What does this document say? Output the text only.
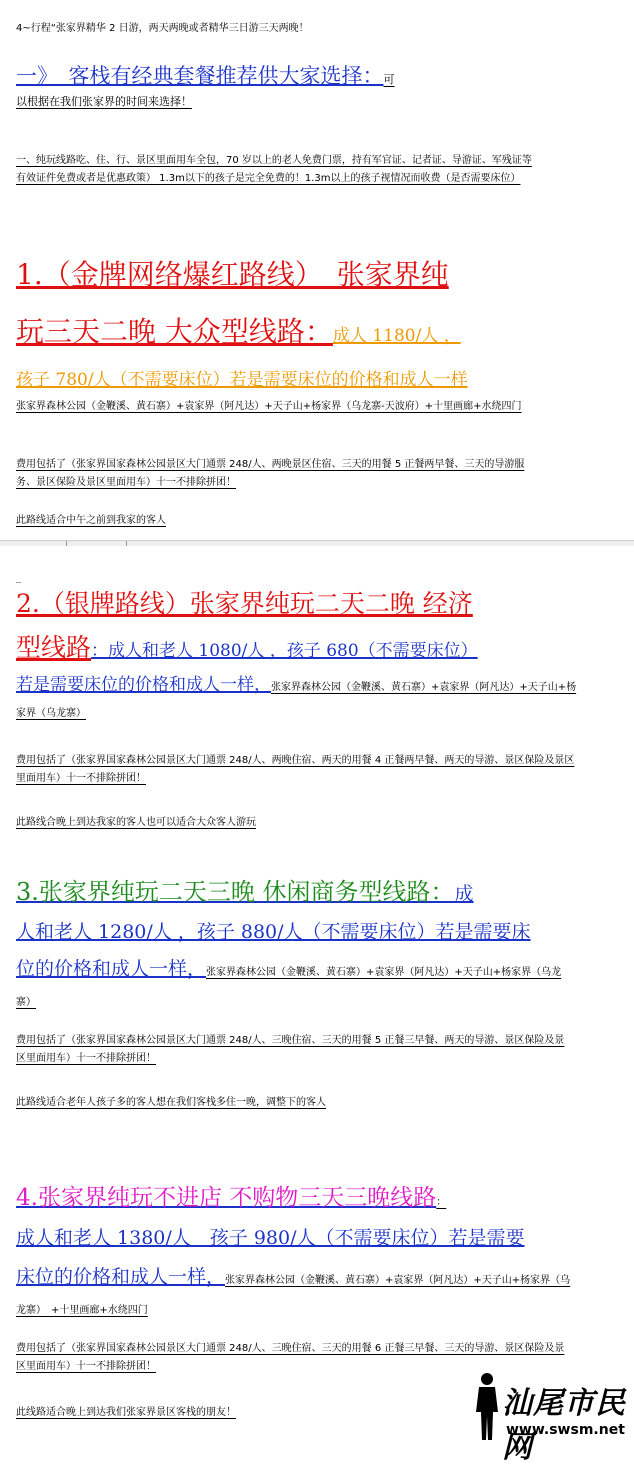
4~行程“张家界精华 2 日游，两天两晚或者精华三日游三天两晚！
一》　客栈有经典套餐推荐供大家选择：可
以根据在我们张家界的时间来选择！
一、纯玩线路吃、住、行、景区里面用车全包，70 岁以上的老人免费门票，持有军官证、记者证、导游证、军残证等有效证件免费或者是优惠政策） 1.3m以下的孩子是完全免费的！1.3m以上的孩子视情况而收费（是否需要床位）
1.（金牌网络爆红路线）　张家界纯
玩三天二晚 大众型线路：成人 1180/人 ，
孩子 780/人（不需要床位）若是需要床位的价格和成人一样
张家界森林公园（金鞭溪、黄石寨）+袁家界（阿凡达）+天子山+杨家界（乌龙寨-天波府）+十里画廊+水绕四门
费用包括了（张家界国家森林公园景区大门通票 248/人、两晚景区住宿、三天的用餐 5 正餐两早餐、三天的导游服务、景区保险及景区里面用车）十一不排除拼团！
此路线适合中午之前到我家的客人
_
2.（银牌路线）张家界纯玩二天二晚 经济
型线路：成人和老人 1080/人 ，孩子 680（不需要床位）
若是需要床位的价格和成人一样，张家界森林公园（金鞭溪、黄石寨）+袁家界（阿凡达）+天子山+杨家界（乌龙寨）
费用包括了（张家界国家森林公园景区大门通票 248/人、两晚住宿、两天的用餐 4 正餐两早餐、两天的导游、景区保险及景区里面用车）十一不排除拼团！
此路线合晚上到达我家的客人也可以适合大众客人游玩
3.张家界纯玩二天三晚 休闲商务型线路：成
人和老人 1280/人 ，孩子 880/人（不需要床位）若是需要床
位的价格和成人一样，张家界森林公园（金鞭溪、黄石寨）+袁家界（阿凡达）+天子山+杨家界（乌龙寨）
费用包括了（张家界国家森林公园景区大门通票 248/人、三晚住宿、三天的用餐 5 正餐三早餐、两天的导游、景区保险及景区里面用车）十一不排除拼团！
此路线适合老年人孩子多的客人想在我们客栈多住一晚，调整下的客人
4.张家界纯玩不进店 不购物三天三晚线路：
成人和老人 1380/人　孩子 980/人（不需要床位）若是需要
床位的价格和成人一样，张家界森林公园（金鞭溪、黄石寨）+袁家界（阿凡达）+天子山+杨家界（乌龙寨）　+十里画廊+水绕四门
费用包括了（张家界国家森林公园景区大门通票 248/人、三晚住宿、三天的用餐 6 正餐三早餐、三天的导游、景区保险及景区里面用车）十一不排除拼团！
此线路适合晚上到达我们张家界景区客栈的朋友！	汕尾市民网
www.swsm.net
